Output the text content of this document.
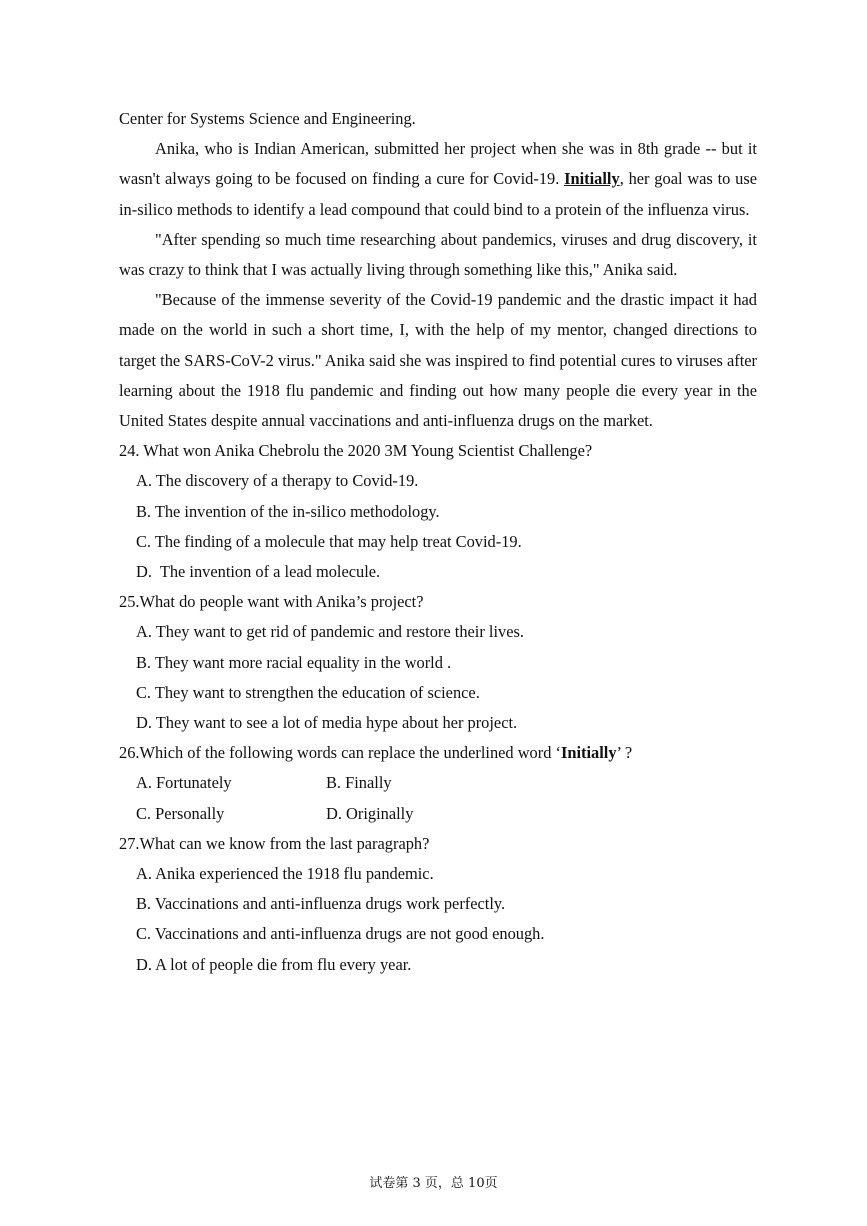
Center for Systems Science and Engineering.

Anika, who is Indian American, submitted her project when she was in 8th grade -- but it wasn't always going to be focused on finding a cure for Covid-19. Initially, her goal was to use in-silico methods to identify a lead compound that could bind to a protein of the influenza virus.

"After spending so much time researching about pandemics, viruses and drug discovery, it was crazy to think that I was actually living through something like this," Anika said.

"Because of the immense severity of the Covid-19 pandemic and the drastic impact it had made on the world in such a short time, I, with the help of my mentor, changed directions to target the SARS-CoV-2 virus." Anika said she was inspired to find potential cures to viruses after learning about the 1918 flu pandemic and finding out how many people die every year in the United States despite annual vaccinations and anti-influenza drugs on the market.

24. What won Anika Chebrolu the 2020 3M Young Scientist Challenge?

A. The discovery of a therapy to Covid-19.

B. The invention of the in-silico methodology.

C. The finding of a molecule that may help treat Covid-19.

D.  The invention of a lead molecule.

25.What do people want with Anika’s project?

A. They want to get rid of pandemic and restore their lives.

B. They want more racial equality in the world .

C. They want to strengthen the education of science.

D. They want to see a lot of media hype about her project.

26.Which of the following words can replace the underlined word ‘Initially’ ?

A. Fortunately	B. Finally
C. Personally	D. Originally

27.What can we know from the last paragraph?

A. Anika experienced the 1918 flu pandemic.

B. Vaccinations and anti-influenza drugs work perfectly.

C. Vaccinations and anti-influenza drugs are not good enough.

D. A lot of people die from flu every year.

试卷第 3 页，总 10页
